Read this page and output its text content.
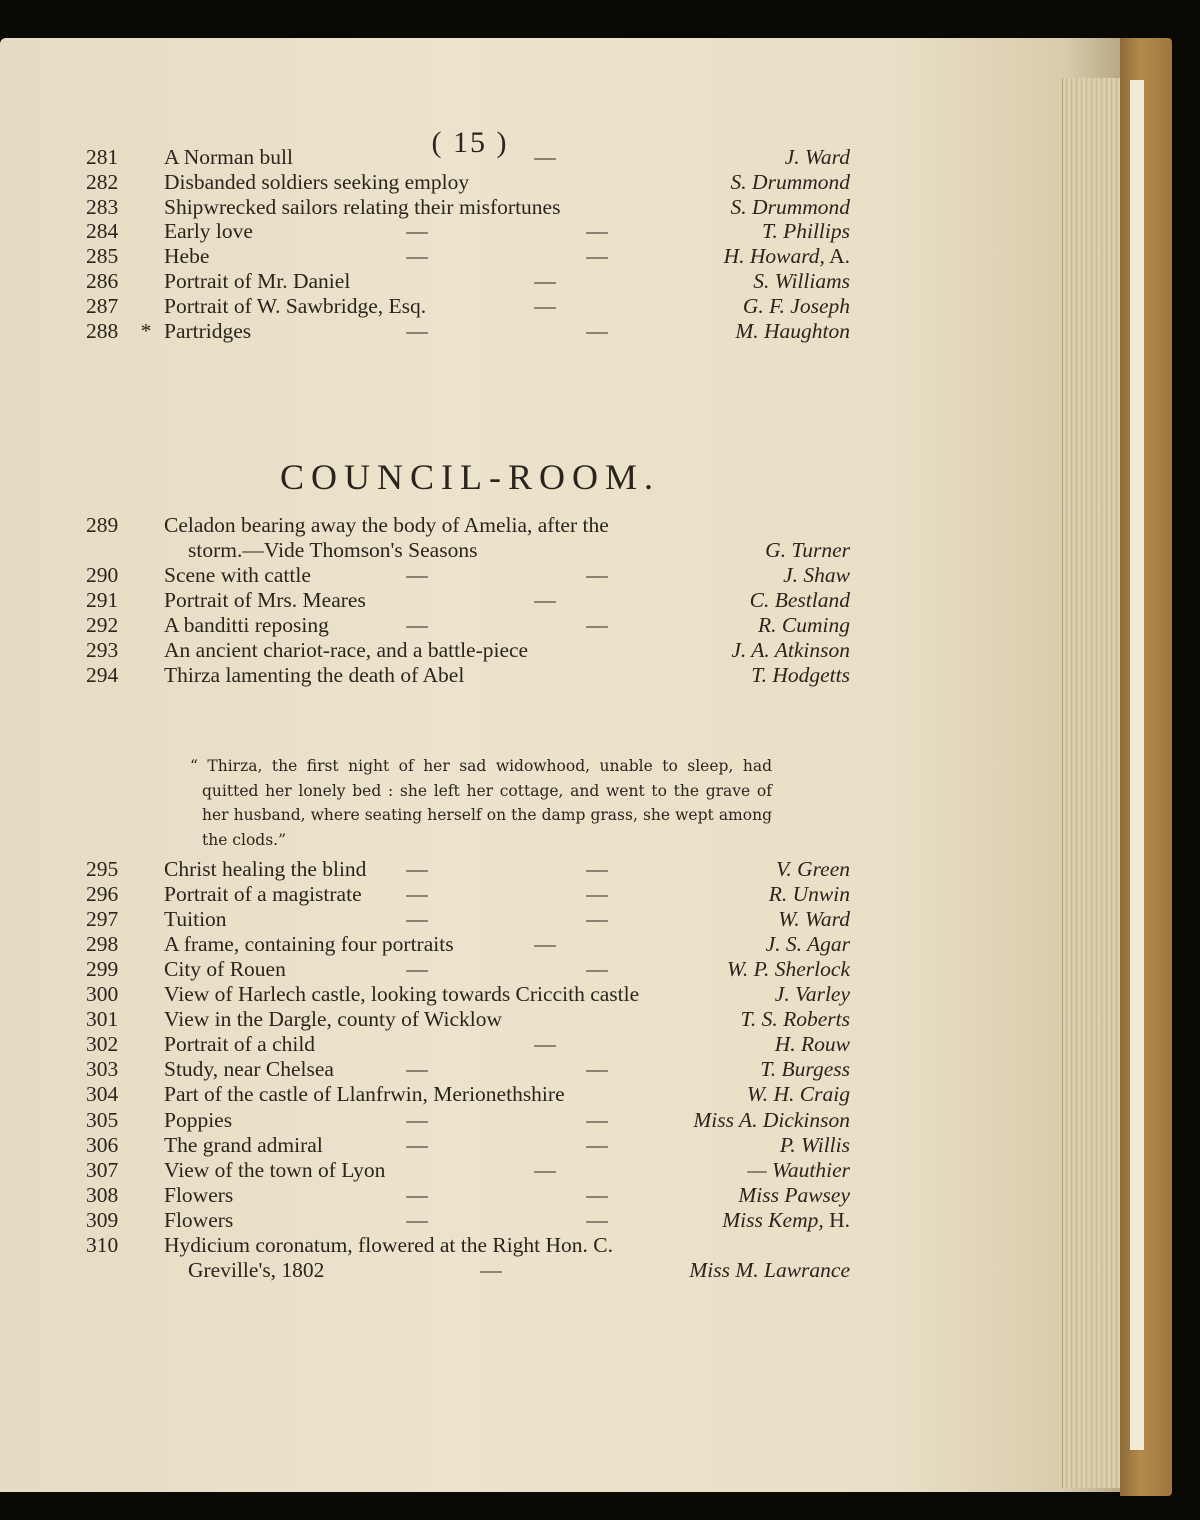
( 15 )
COUNCIL-ROOM.
“ Thirza, the first night of her sad widowhood, unable to sleep, had quitted her lonely bed : she left her cottage, and went to the grave of her husband, where seating herself on the damp grass, she wept among the clods.”
281	A Norman bull	—	J. Ward
282	Disbanded soldiers seeking employ	S. Drummond
283	Shipwrecked sailors relating their misfortunes	S. Drummond
284	Early love	—	—	T. Phillips
285	Hebe	—	—	H. Howard, A.
286	Portrait of Mr. Daniel	—	S. Williams
287	Portrait of W. Sawbridge, Esq.	—	G. F. Joseph
288	* Partridges	—	—	M. Haughton
289	Celadon bearing away the body of Amelia, after the
storm.—Vide Thomson's Seasons	G. Turner
290	Scene with cattle	—	—	J. Shaw
291	Portrait of Mrs. Meares	—	C. Bestland
292	A banditti reposing	—	—	R. Cuming
293	An ancient chariot-race, and a battle-piece	J. A. Atkinson
294	Thirza lamenting the death of Abel	T. Hodgetts
295	Christ healing the blind —	—	V. Green
296	Portrait of a magistrate —	—	R. Unwin
297	Tuition	—	—	W. Ward
298	A frame, containing four portraits	—	J. S. Agar
299	City of Rouen	—	—	W. P. Sherlock
300	View of Harlech castle, looking towards Criccith castle	J. Varley
301	View in the Dargle, county of Wicklow	T. S. Roberts
302	Portrait of a child	—	H. Rouw
303	Study, near Chelsea	—	—	T. Burgess
304	Part of the castle of Llanfrwin, Merionethshire	W. H. Craig
305	Poppies	—	—	Miss A. Dickinson
306	The grand admiral	—	—	P. Willis
307	View of the town of Lyon	—	— Wauthier
308	Flowers	—	—	Miss Pawsey
309	Flowers	—	—	Miss Kemp, H.
310	Hydicium coronatum, flowered at the Right Hon. C.
Greville's, 1802	—	Miss M. Lawrance
